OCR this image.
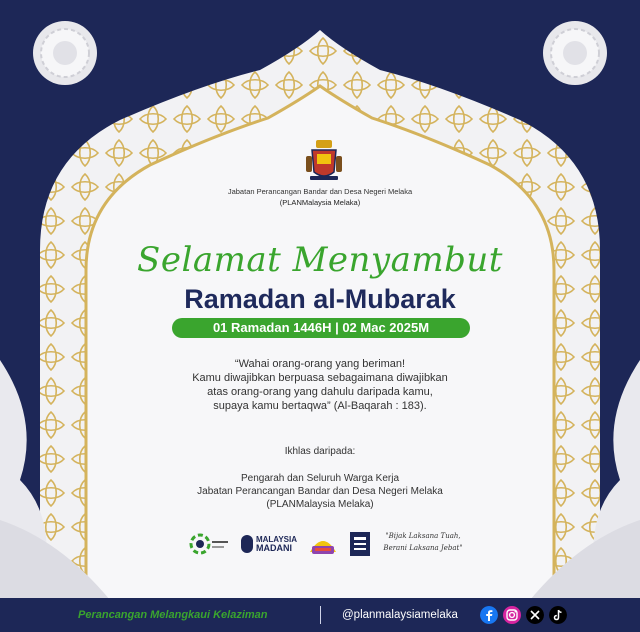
Jabatan Perancangan Bandar dan Desa Negeri Melaka
(PLANMalaysia Melaka)
Selamat Menyambut
Ramadan al-Mubarak
01 Ramadan 1446H | 02 Mac 2025M
“Wahai orang-orang yang beriman!
Kamu diwajibkan berpuasa sebagaimana diwajibkan
atas orang-orang yang dahulu daripada kamu,
supaya kamu bertaqwa” (Al-Baqarah : 183).
Ikhlas daripada:
Pengarah dan Seluruh Warga Kerja
Jabatan Perancangan Bandar dan Desa Negeri Melaka
(PLANMalaysia Melaka)
MALAYSIA
MADANI
"Bijak Laksana Tuah,
Berani Laksana Jebat"
Perancangan Melangkaui Kelaziman	@planmalaysiamelaka
